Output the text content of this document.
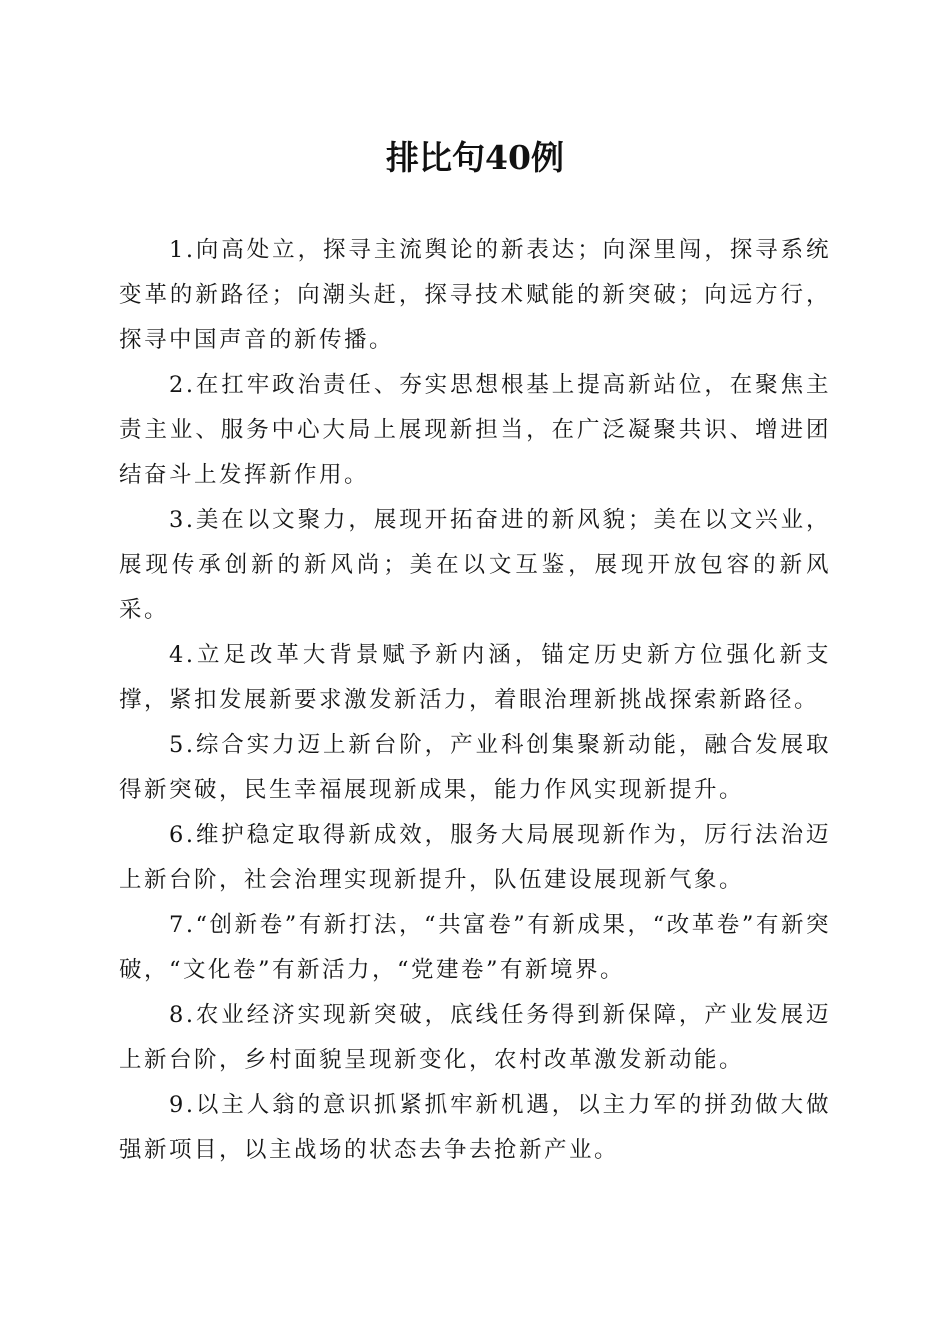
排比句40例

1.向高处立，探寻主流舆论的新表达；向深里闯，探寻系统变革的新路径；向潮头赶，探寻技术赋能的新突破；向远方行，探寻中国声音的新传播。

2.在扛牢政治责任、夯实思想根基上提高新站位，在聚焦主责主业、服务中心大局上展现新担当，在广泛凝聚共识、增进团结奋斗上发挥新作用。

3.美在以文聚力，展现开拓奋进的新风貌；美在以文兴业，展现传承创新的新风尚；美在以文互鉴，展现开放包容的新风采。

4.立足改革大背景赋予新内涵，锚定历史新方位强化新支撑，紧扣发展新要求激发新活力，着眼治理新挑战探索新路径。

5.综合实力迈上新台阶，产业科创集聚新动能，融合发展取得新突破，民生幸福展现新成果，能力作风实现新提升。

6.维护稳定取得新成效，服务大局展现新作为，厉行法治迈上新台阶，社会治理实现新提升，队伍建设展现新气象。

7.“创新卷”有新打法，“共富卷”有新成果，“改革卷”有新突破，“文化卷”有新活力，“党建卷”有新境界。

8.农业经济实现新突破，底线任务得到新保障，产业发展迈上新台阶，乡村面貌呈现新变化，农村改革激发新动能。

9.以主人翁的意识抓紧抓牢新机遇，以主力军的拼劲做大做强新项目，以主战场的状态去争去抢新产业。
